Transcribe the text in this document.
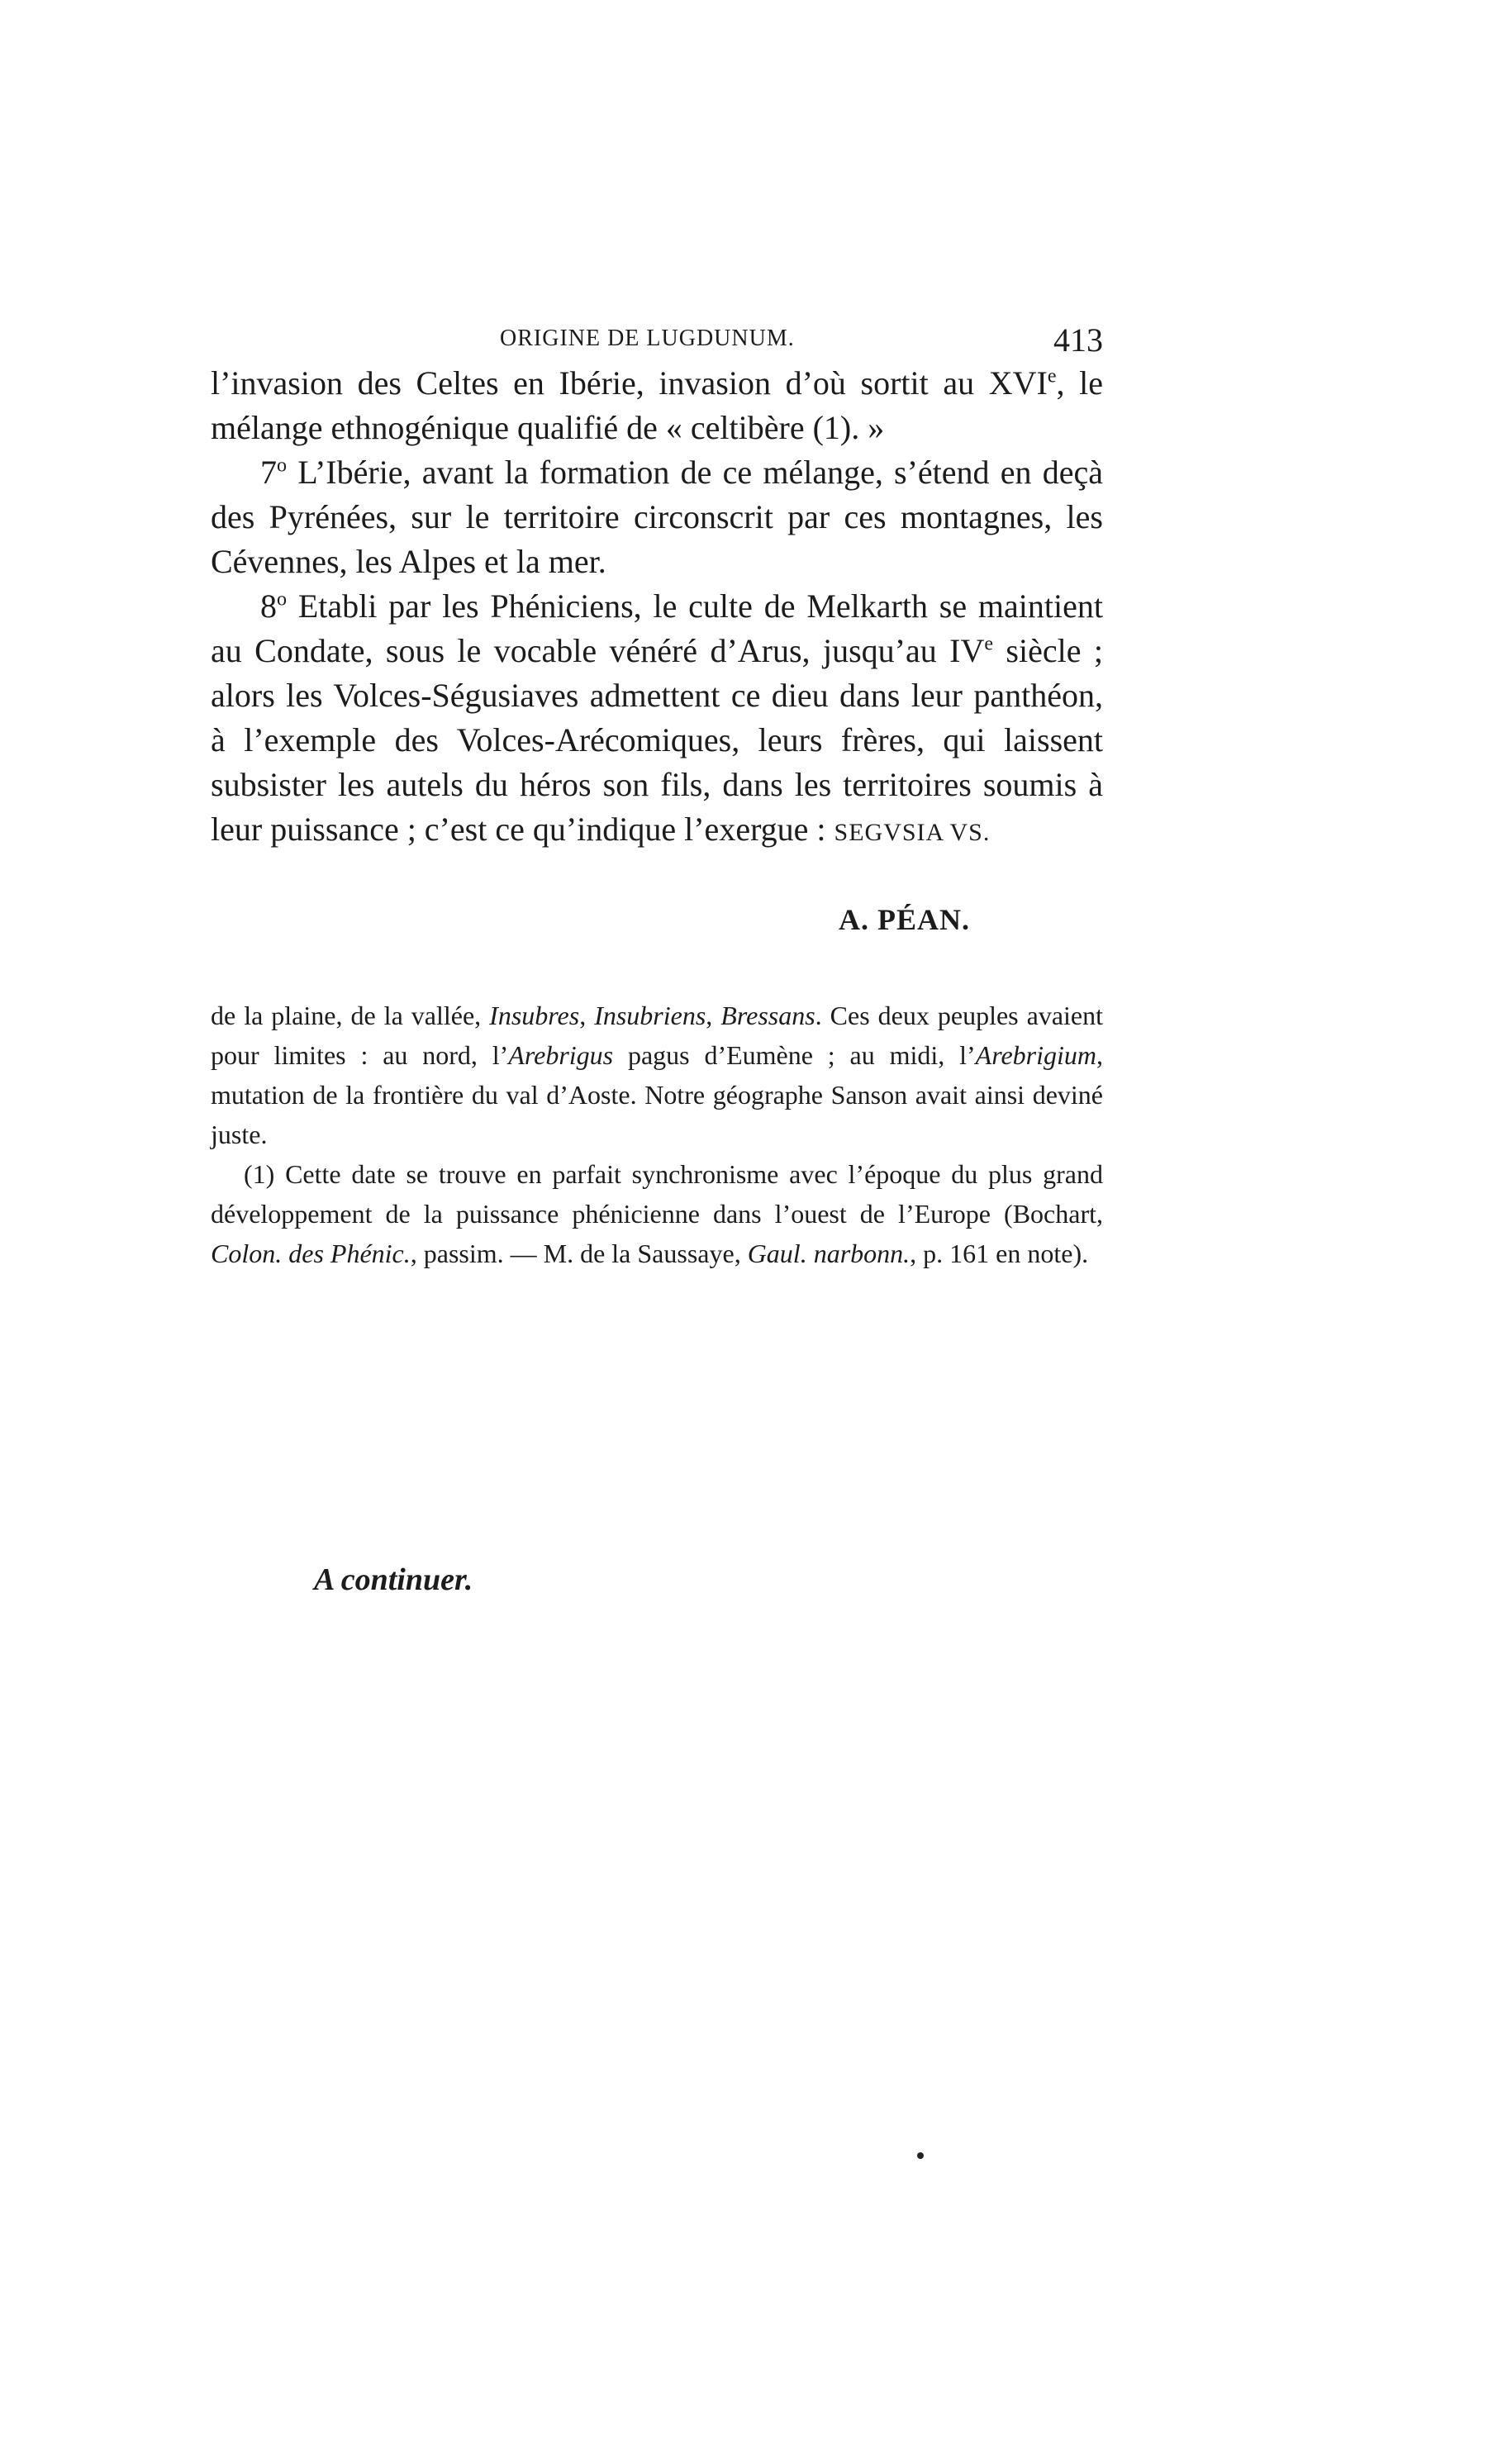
ORIGINE DE LUGDUNUM.	413

l’invasion des Celtes en Ibérie, invasion d’où sortit au XVIe, le mélange ethnogénique qualifié de « celtibère (1). »

7$^o$ L’Ibérie, avant la formation de ce mélange, s’étend en deçà des Pyrénées, sur le territoire circonscrit par ces montagnes, les Cévennes, les Alpes et la mer.

8$^o$ Etabli par les Phéniciens, le culte de Melkarth se maintient au Condate, sous le vocable vénéré d’Arus, jusqu’au IVe siècle ; alors les Volces-Ségusiaves admettent ce dieu dans leur panthéon, à l’exemple des Volces-Arécomiques, leurs frères, qui laissent subsister les autels du héros son fils, dans les territoires soumis à leur puissance ; c’est ce qu’indique l’exergue : SEGVSIA VS.

A. PÉAN.

de la plaine, de la vallée, Insubres, Insubriens, Bressans. Ces deux peuples avaient pour limites : au nord, l’Arebrigus pagus d’Eumène ; au midi, l’Arebrigium, mutation de la frontière du val d’Aoste. Notre géographe Sanson avait ainsi deviné juste.

(1) Cette date se trouve en parfait synchronisme avec l’époque du plus grand développement de la puissance phénicienne dans l’ouest de l’Europe (Bochart, Colon. des Phénic., passim. — M. de la Saussaye, Gaul. narbonn., p. 161 en note).

A continuer.
